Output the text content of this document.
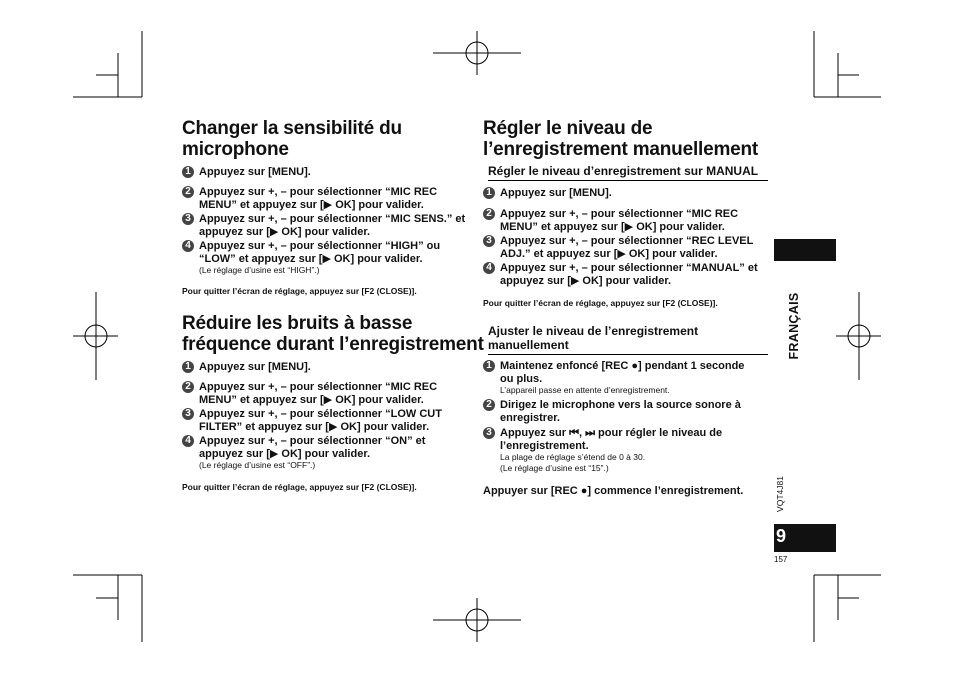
Changer la sensibilité du
microphone
1 Appuyez sur [MENU].
2 Appuyez sur +, – pour sélectionner “MIC REC
MENU” et appuyez sur [▶ OK] pour valider.
3 Appuyez sur +, – pour sélectionner “MIC SENS.” et
appuyez sur [▶ OK] pour valider.
4 Appuyez sur +, – pour sélectionner “HIGH” ou
“LOW” et appuyez sur [▶ OK] pour valider.
(Le réglage d’usine est “HIGH”.)
Pour quitter l’écran de réglage, appuyez sur [F2 (CLOSE)].
Réduire les bruits à basse
fréquence durant l’enregistrement
1 Appuyez sur [MENU].
2 Appuyez sur +, – pour sélectionner “MIC REC
MENU” et appuyez sur [▶ OK] pour valider.
3 Appuyez sur +, – pour sélectionner “LOW CUT
FILTER” et appuyez sur [▶ OK] pour valider.
4 Appuyez sur +, – pour sélectionner “ON” et
appuyez sur [▶ OK] pour valider.
(Le réglage d’usine est “OFF”.)
Pour quitter l’écran de réglage, appuyez sur [F2 (CLOSE)].
Régler le niveau de
l’enregistrement manuellement
Régler le niveau d’enregistrement sur MANUAL
1 Appuyez sur [MENU].
2 Appuyez sur +, – pour sélectionner “MIC REC
MENU” et appuyez sur [▶ OK] pour valider.
3 Appuyez sur +, – pour sélectionner “REC LEVEL
ADJ.” et appuyez sur [▶ OK] pour valider.
4 Appuyez sur +, – pour sélectionner “MANUAL” et
appuyez sur [▶ OK] pour valider.
Pour quitter l’écran de réglage, appuyez sur [F2 (CLOSE)].
Ajuster le niveau de l’enregistrement
manuellement
1 Maintenez enfoncé [REC ●] pendant 1 seconde
ou plus.
L’appareil passe en attente d’enregistrement.
2 Dirigez le microphone vers la source sonore à
enregistrer.
3 Appuyez sur ⏮, ⏭ pour régler le niveau de
l’enregistrement.
La plage de réglage s’étend de 0 à 30.
(Le réglage d’usine est “15”.)
Appuyer sur [REC ●] commence l’enregistrement.
FRANÇAIS
VQT4J81
9
157
